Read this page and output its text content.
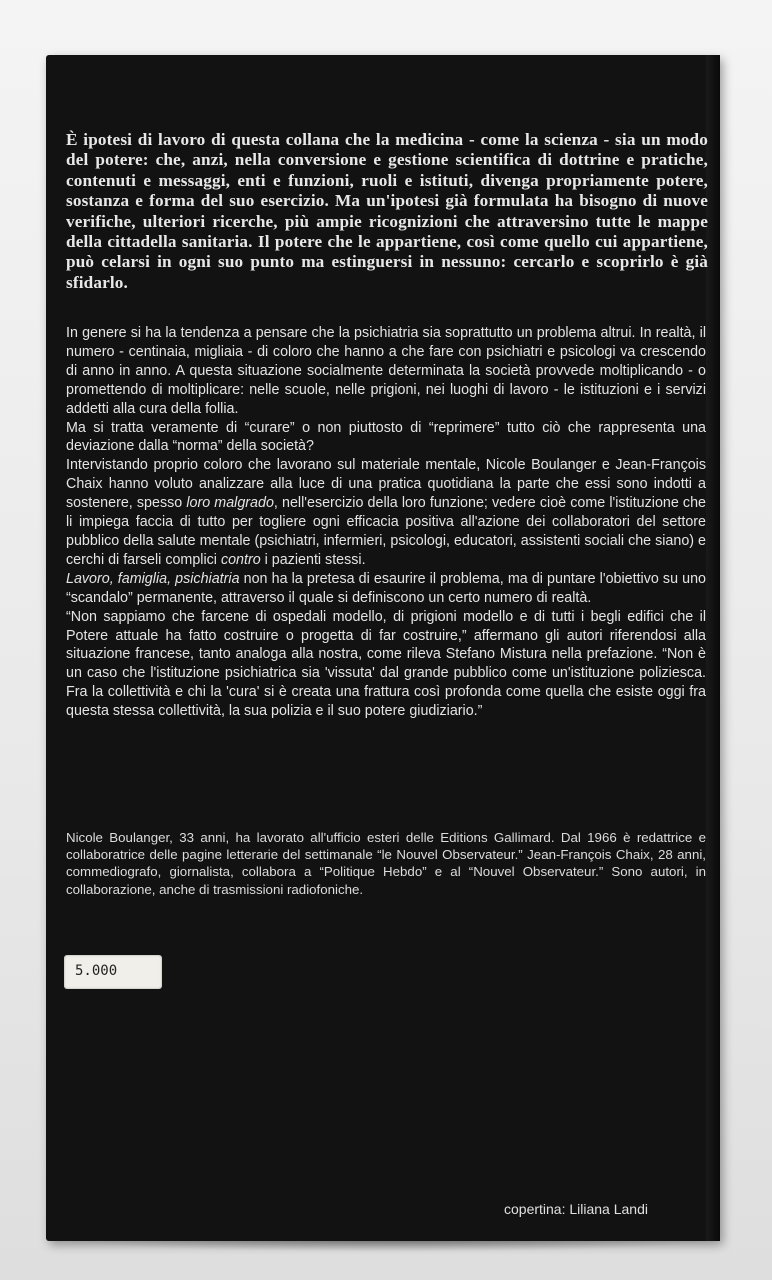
È ipotesi di lavoro di questa collana che la medicina - come la scienza - sia un modo del potere: che, anzi, nella conversione e gestione scientifica di dottrine e pratiche, contenuti e messaggi, enti e funzioni, ruoli e istituti, divenga propriamente potere, sostanza e forma del suo esercizio. Ma un'ipotesi già formulata ha bisogno di nuove verifiche, ulteriori ricerche, più ampie ricognizioni che attraversino tutte le mappe della cittadella sanitaria. Il potere che le appartiene, così come quello cui appartiene, può celarsi in ogni suo punto ma estinguersi in nessuno: cercarlo e scoprirlo è già sfidarlo.

In genere si ha la tendenza a pensare che la psichiatria sia soprattutto un problema altrui. In realtà, il numero - centinaia, migliaia - di coloro che hanno a che fare con psichiatri e psicologi va crescendo di anno in anno. A questa situazione socialmente determinata la società provvede moltiplicando - o promettendo di moltiplicare: nelle scuole, nelle prigioni, nei luoghi di lavoro - le istituzioni e i servizi addetti alla cura della follia.

Ma si tratta veramente di “curare” o non piuttosto di “reprimere” tutto ciò che rappresenta una deviazione dalla “norma” della società?

Intervistando proprio coloro che lavorano sul materiale mentale, Nicole Boulanger e Jean-François Chaix hanno voluto analizzare alla luce di una pratica quotidiana la parte che essi sono indotti a sostenere, spesso loro malgrado, nell'esercizio della loro funzione; vedere cioè come l'istituzione che li impiega faccia di tutto per togliere ogni efficacia positiva all'azione dei collaboratori del settore pubblico della salute mentale (psichiatri, infermieri, psicologi, educatori, assistenti sociali che siano) e cerchi di farseli complici contro i pazienti stessi.

Lavoro, famiglia, psichiatria non ha la pretesa di esaurire il problema, ma di puntare l'obiettivo su uno “scandalo” permanente, attraverso il quale si definiscono un certo numero di realtà.

“Non sappiamo che farcene di ospedali modello, di prigioni modello e di tutti i begli edifici che il Potere attuale ha fatto costruire o progetta di far costruire,” affermano gli autori riferendosi alla situazione francese, tanto analoga alla nostra, come rileva Stefano Mistura nella prefazione. “Non è un caso che l'istituzione psichiatrica sia 'vissuta' dal grande pubblico come un'istituzione poliziesca. Fra la collettività e chi la 'cura' si è creata una frattura così profonda come quella che esiste oggi fra questa stessa collettività, la sua polizia e il suo potere giudiziario.”

Nicole Boulanger, 33 anni, ha lavorato all'ufficio esteri delle Editions Gallimard. Dal 1966 è redattrice e collaboratrice delle pagine letterarie del settimanale “le Nouvel Observateur.” Jean-François Chaix, 28 anni, commediografo, giornalista, collabora a “Politique Hebdo” e al “Nouvel Observateur.” Sono autori, in collaborazione, anche di trasmissioni radiofoniche.

5.000

copertina: Liliana Landi
